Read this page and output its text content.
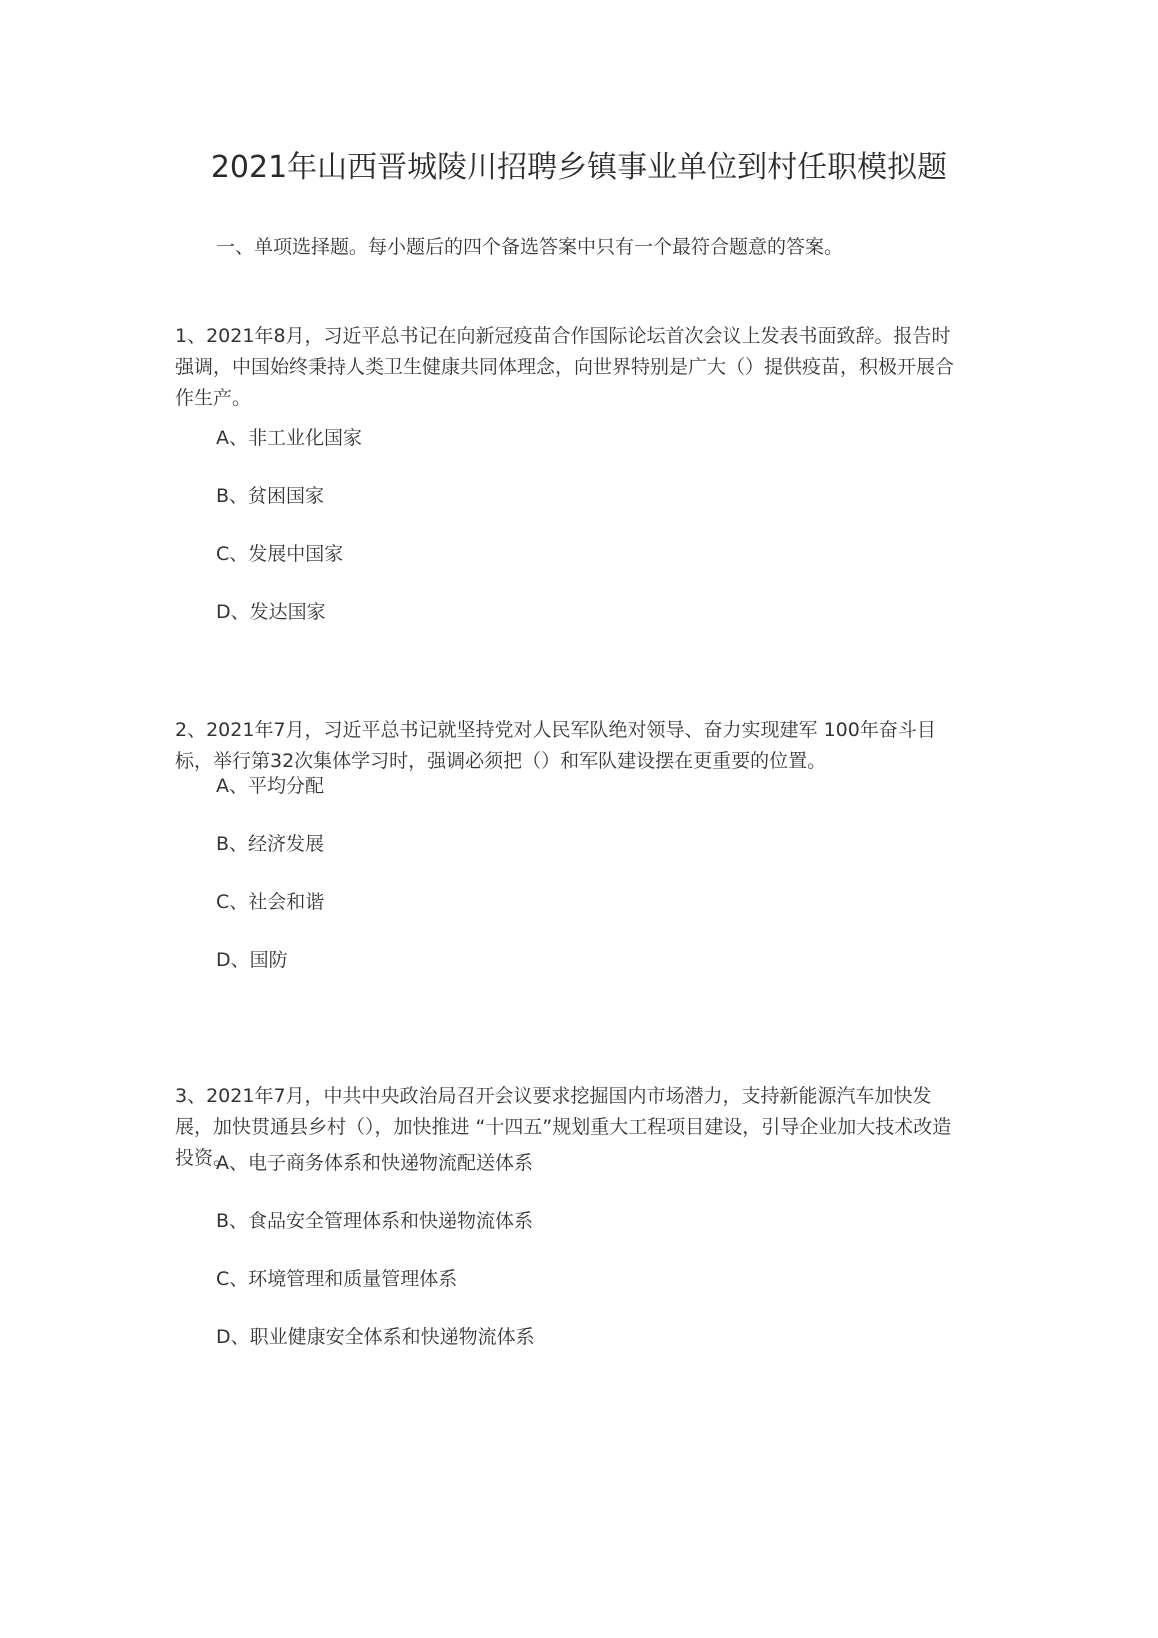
2021年山西晋城陵川招聘乡镇事业单位到村任职模拟题
一、单项选择题。每小题后的四个备选答案中只有一个最符合题意的答案。
1、2021年8月，习近平总书记在向新冠疫苗合作国际论坛首次会议上发表书面致辞。报告时强调，中国始终秉持人类卫生健康共同体理念，向世界特别是广大（）提供疫苗，积极开展合作生产。
A、非工业化国家
B、贫困国家
C、发展中国家
D、发达国家
2、2021年7月，习近平总书记就坚持党对人民军队绝对领导、奋力实现建军 100年奋斗目标，举行第32次集体学习时，强调必须把（）和军队建设摆在更重要的位置。
A、平均分配
B、经济发展
C、社会和谐
D、国防
3、2021年7月，中共中央政治局召开会议要求挖掘国内市场潜力，支持新能源汽车加快发展，加快贯通县乡村（），加快推进 “十四五”规划重大工程项目建设，引导企业加大技术改造投资。
A、电子商务体系和快递物流配送体系
B、食品安全管理体系和快递物流体系
C、环境管理和质量管理体系
D、职业健康安全体系和快递物流体系
